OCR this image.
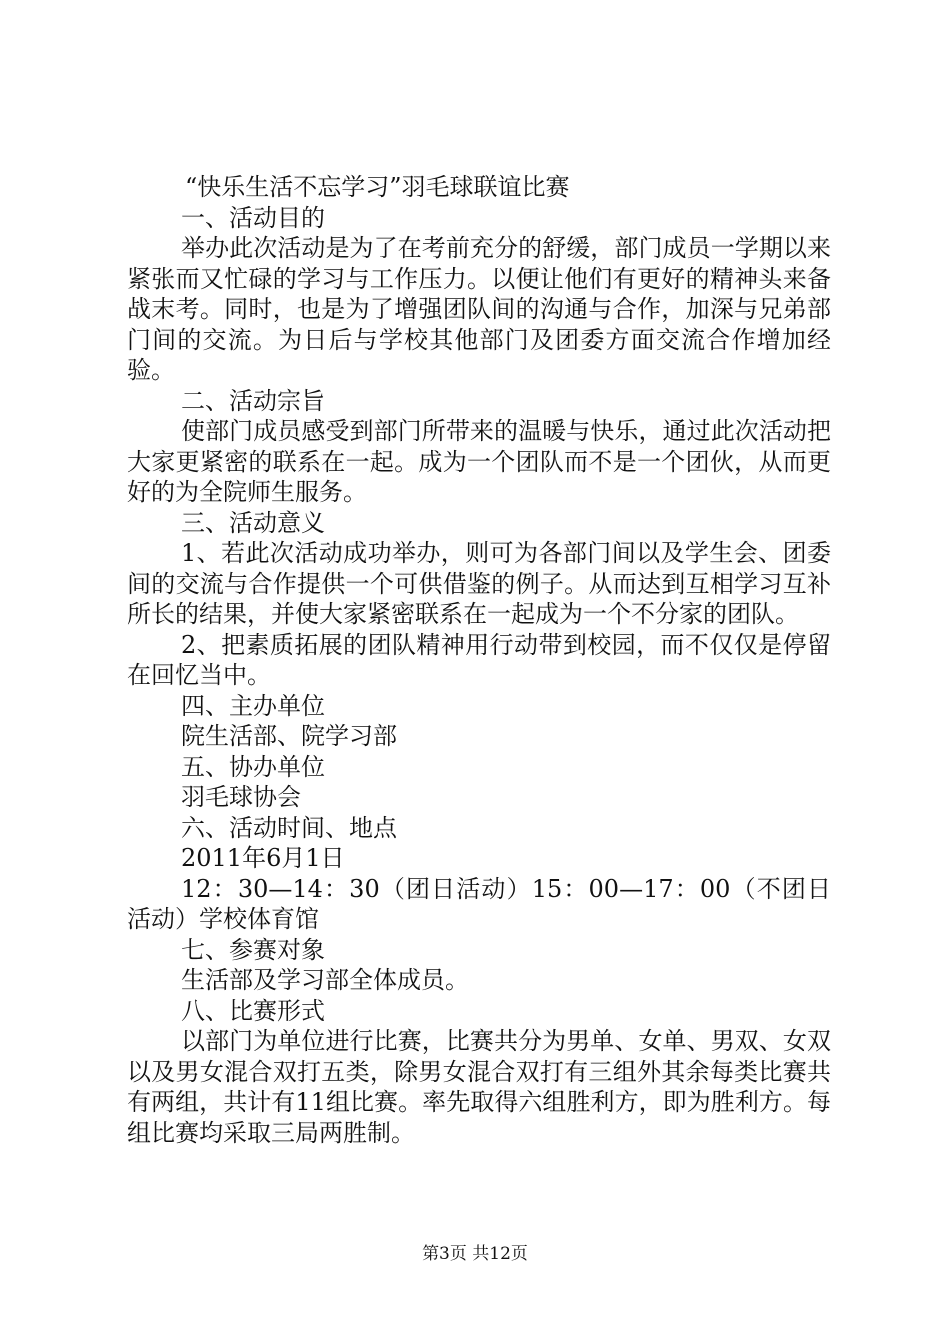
“快乐生活不忘学习”羽毛球联谊比赛
一、活动目的
举办此次活动是为了在考前充分的舒缓，部门成员一学期以来紧张而又忙碌的学习与工作压力。以便让他们有更好的精神头来备战末考。同时，也是为了增强团队间的沟通与合作，加深与兄弟部门间的交流。为日后与学校其他部门及团委方面交流合作增加经验。
二、活动宗旨
使部门成员感受到部门所带来的温暖与快乐，通过此次活动把大家更紧密的联系在一起。成为一个团队而不是一个团伙，从而更好的为全院师生服务。
三、活动意义
1、若此次活动成功举办，则可为各部门间以及学生会、团委间的交流与合作提供一个可供借鉴的例子。从而达到互相学习互补所长的结果，并使大家紧密联系在一起成为一个不分家的团队。
2、把素质拓展的团队精神用行动带到校园，而不仅仅是停留在回忆当中。
四、主办单位
院生活部、院学习部
五、协办单位
羽毛球协会
六、活动时间、地点
2011年6月1日
12：30—14：30（团日活动）15：00—17：00（不团日活动）学校体育馆
七、参赛对象
生活部及学习部全体成员。
八、比赛形式
以部门为单位进行比赛，比赛共分为男单、女单、男双、女双以及男女混合双打五类，除男女混合双打有三组外其余每类比赛共有两组，共计有11组比赛。率先取得六组胜利方，即为胜利方。每组比赛均采取三局两胜制。
第3页 共12页
